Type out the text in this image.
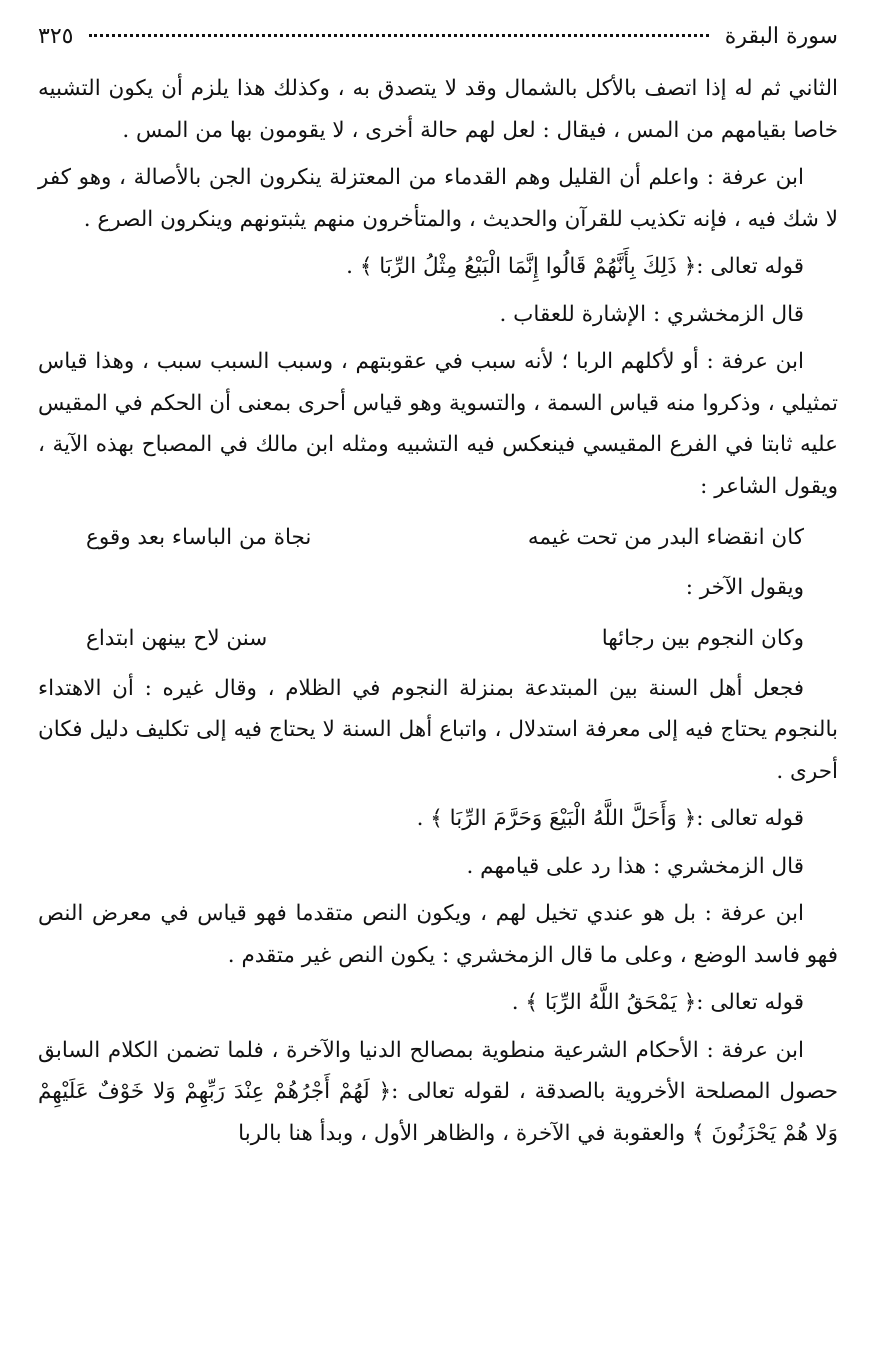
٣٢٥	سورة البقرة

الثاني ثم له إذا اتصف بالأكل بالشمال وقد لا يتصدق به ، وكذلك هذا يلزم أن يكون التشبيه خاصا بقيامهم من المس ، فيقال : لعل لهم حالة أخرى ، لا يقومون بها من المس .

ابن عرفة : واعلم أن القليل وهم القدماء من المعتزلة ينكرون الجن بالأصالة ، وهو كفر لا شك فيه ، فإنه تكذيب للقرآن والحديث ، والمتأخرون منهم يثبتونهم وينكرون الصرع .

قوله تعالى :﴿ ذَلِكَ بِأَنَّهُمْ قَالُوا إِنَّمَا الْبَيْعُ مِثْلُ الرِّبَا ﴾ .

قال الزمخشري : الإشارة للعقاب .

ابن عرفة : أو لأكلهم الربا ؛ لأنه سبب في عقوبتهم ، وسبب السبب سبب ، وهذا قياس تمثيلي ، وذكروا منه قياس السمة ، والتسوية وهو قياس أحرى بمعنى أن الحكم في المقيس عليه ثابتا في الفرع المقيسي فينعكس فيه التشبيه ومثله ابن مالك في المصباح بهذه الآية ، ويقول الشاعر :

كان انقضاء البدر من تحت غيمه
نجاة من الباساء بعد وقوع

ويقول الآخر :

وكان النجوم بين رجائها
سنن لاح بينهن ابتداع

فجعل أهل السنة بين المبتدعة بمنزلة النجوم في الظلام ، وقال غيره : أن الاهتداء بالنجوم يحتاج فيه إلى معرفة استدلال ، واتباع أهل السنة لا يحتاج فيه إلى تكليف دليل فكان أحرى .

قوله تعالى :﴿ وَأَحَلَّ اللَّهُ الْبَيْعَ وَحَرَّمَ الرِّبَا ﴾ .

قال الزمخشري : هذا رد على قيامهم .

ابن عرفة : بل هو عندي تخيل لهم ، ويكون النص متقدما فهو قياس في معرض النص فهو فاسد الوضع ، وعلى ما قال الزمخشري : يكون النص غير متقدم .

قوله تعالى :﴿ يَمْحَقُ اللَّهُ الرِّبَا ﴾ .

ابن عرفة : الأحكام الشرعية منطوية بمصالح الدنيا والآخرة ، فلما تضمن الكلام السابق حصول المصلحة الأخروية بالصدقة ، لقوله تعالى :﴿ لَهُمْ أَجْرُهُمْ عِنْدَ رَبِّهِمْ وَلا خَوْفٌ عَلَيْهِمْ وَلا هُمْ يَحْزَنُونَ ﴾ والعقوبة في الآخرة ، والظاهر الأول ، وبدأ هنا بالربا
